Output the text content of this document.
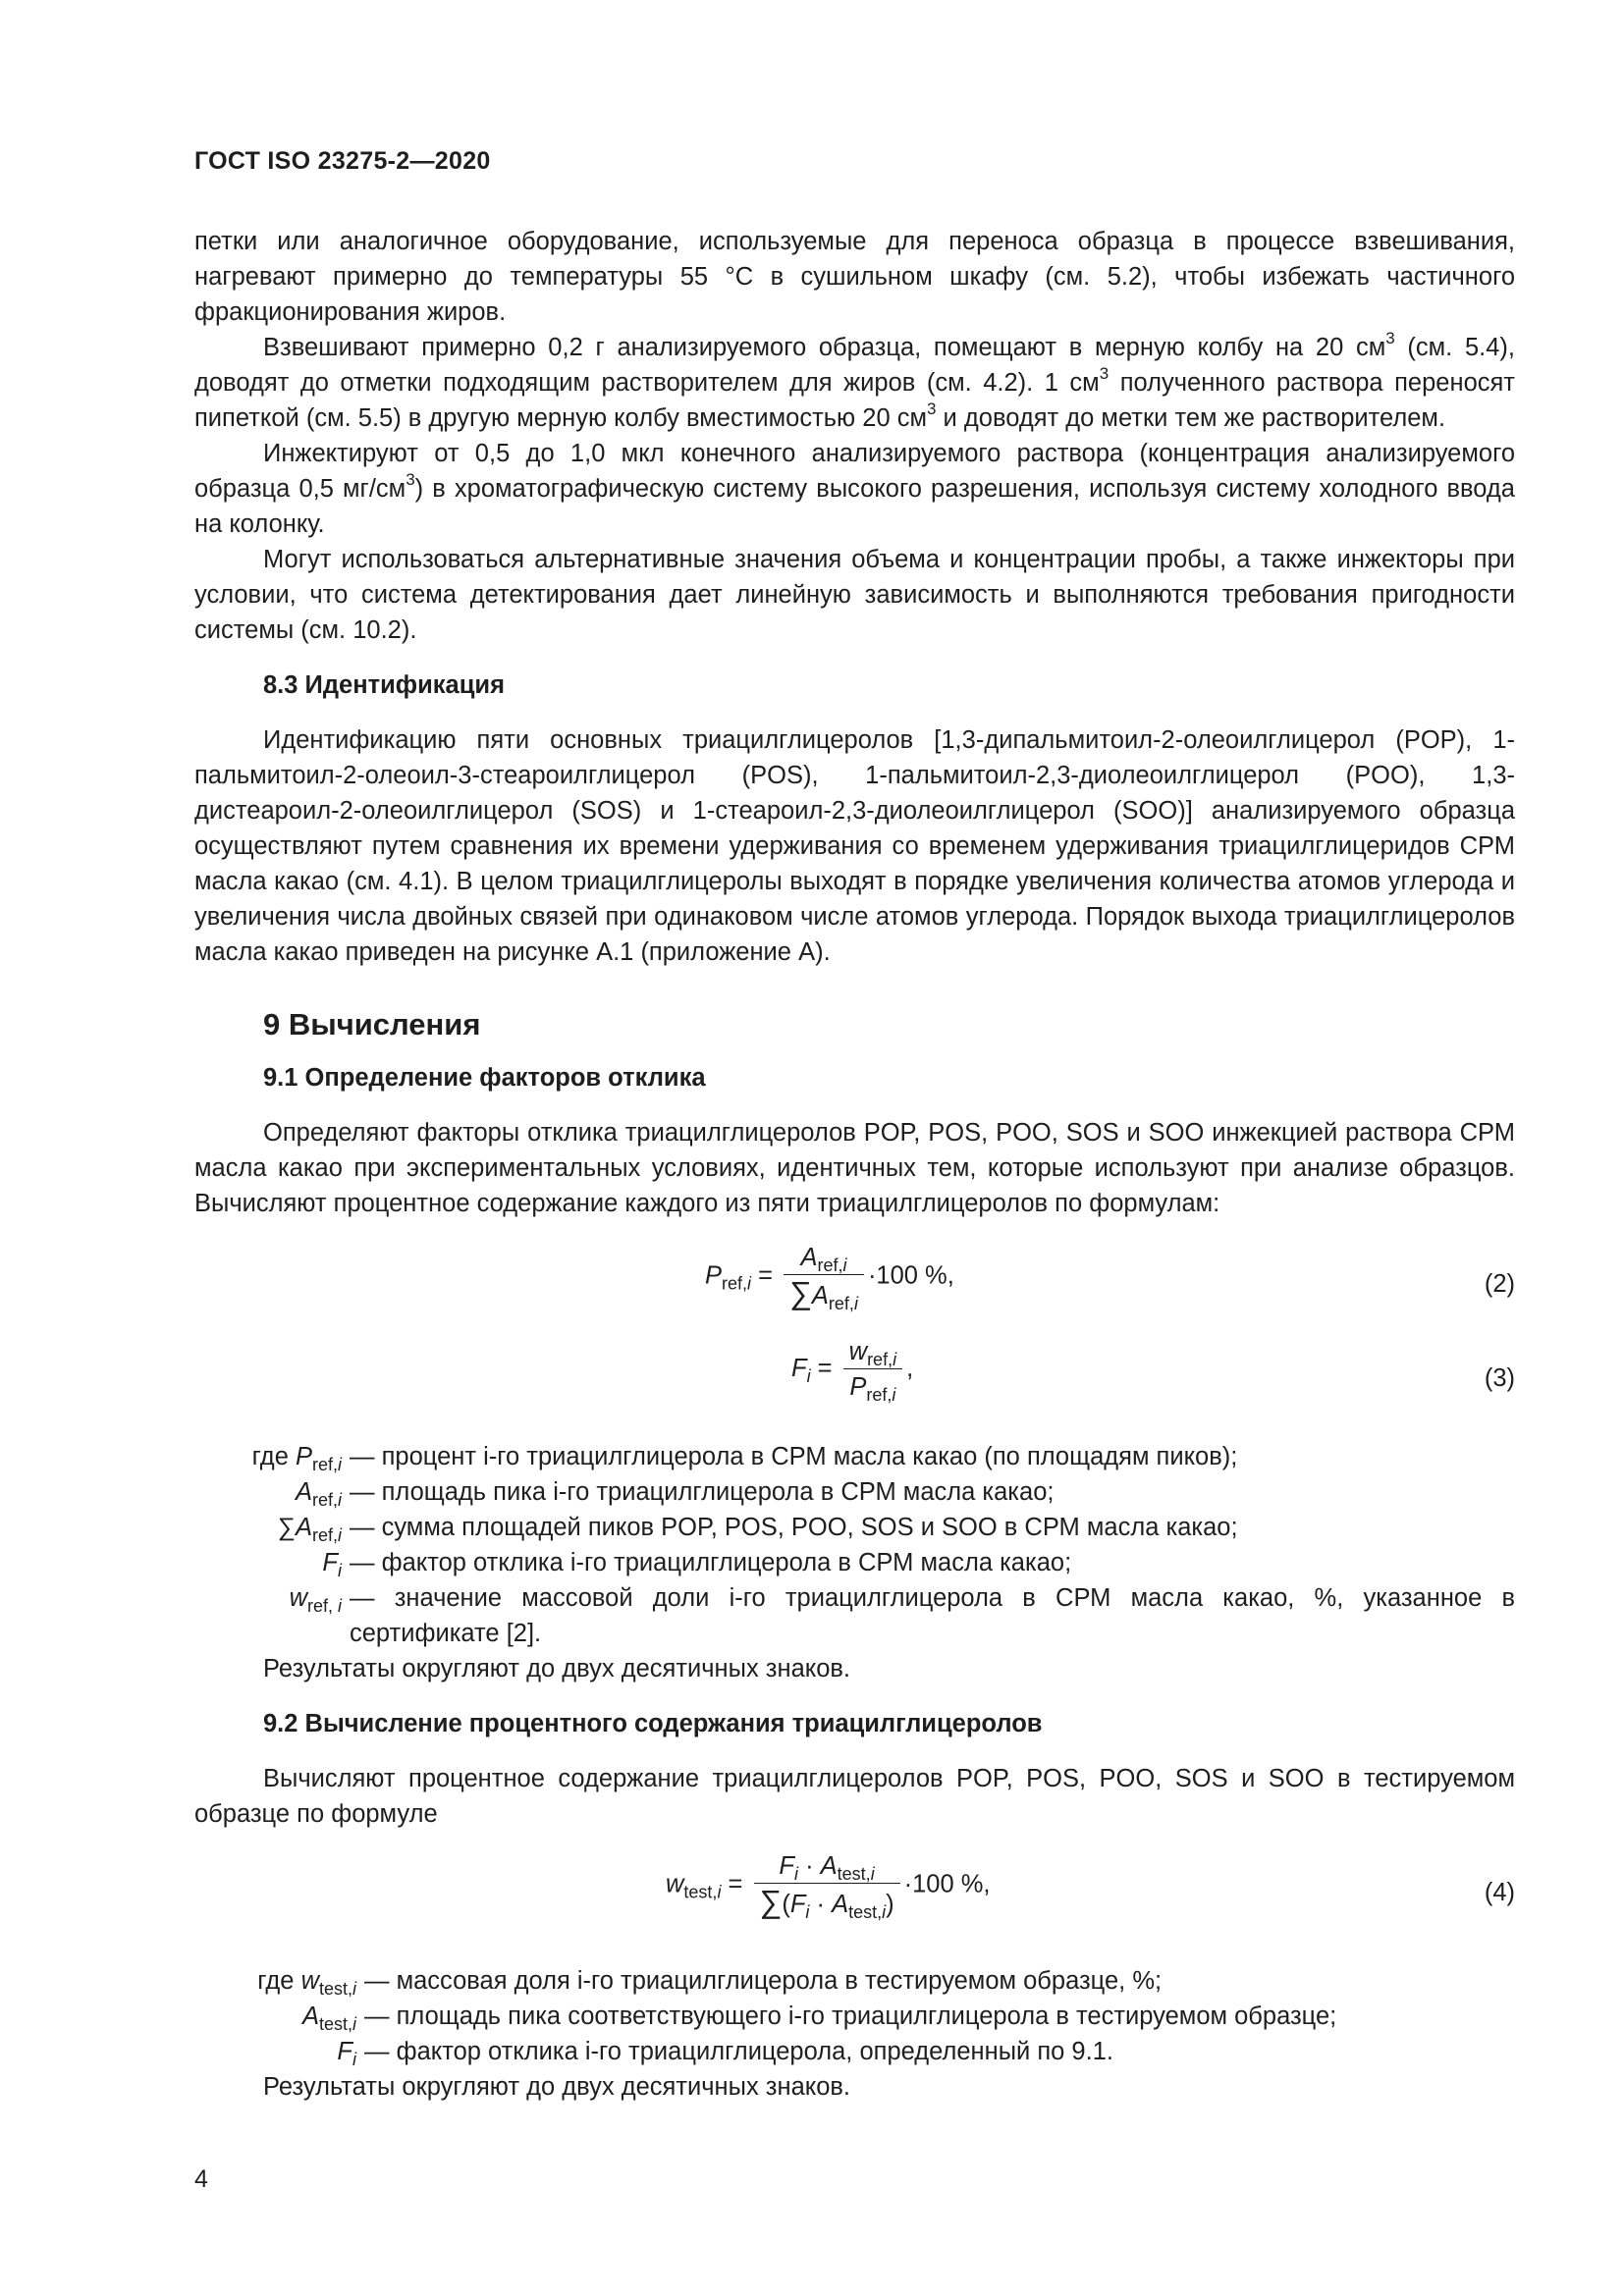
ГОСТ ISO 23275-2—2020

петки или аналогичное оборудование, используемые для переноса образца в процессе взвешивания, нагревают примерно до температуры 55 °С в сушильном шкафу (см. 5.2), чтобы избежать частичного фракционирования жиров.

Взвешивают примерно 0,2 г анализируемого образца, помещают в мерную колбу на 20 $см^3$ (см. 5.4), доводят до отметки подходящим растворителем для жиров (см. 4.2). 1 $см^3$ полученного раствора переносят пипеткой (см. 5.5) в другую мерную колбу вместимостью 20 $см^3$ и доводят до метки тем же растворителем.

Инжектируют от 0,5 до 1,0 мкл конечного анализируемого раствора (концентрация анализируемого образца 0,5 $мг/см^3$) в хроматографическую систему высокого разрешения, используя систему холодного ввода на колонку.

Могут использоваться альтернативные значения объема и концентрации пробы, а также инжекторы при условии, что система детектирования дает линейную зависимость и выполняются требования пригодности системы (см. 10.2).

8.3 Идентификация

Идентификацию пяти основных триацилглицеролов [1,3-дипальмитоил-2-олеоилглицерол (POP), 1-пальмитоил-2-олеоил-3-стеароилглицерол (POS), 1-пальмитоил-2,3-диолеоилглицерол (POO), 1,3-дистеароил-2-олеоилглицерол (SOS) и 1-стеароил-2,3-диолеоилглицерол (SOO)] анализируемого образца осуществляют путем сравнения их времени удерживания со временем удерживания триацилглицеридов СРМ масла какао (см. 4.1). В целом триацилглицеролы выходят в порядке увеличения количества атомов углерода и увеличения числа двойных связей при одинаковом числе атомов углерода. Порядок выхода триацилглицеролов масла какао приведен на рисунке А.1 (приложение А).

9 Вычисления
9.1 Определение факторов отклика

Определяют факторы отклика триацилглицеролов POP, POS, POO, SOS и SOO инжекцией раствора СРМ масла какао при экспериментальных условиях, идентичных тем, которые используют при анализе образцов. Вычисляют процентное содержание каждого из пяти триацилглицеролов по формулам:

$P_{ref,i} = \frac{A_{ref,i}}{\sum A_{ref,i}} \cdot 100$ %,	(2)
$F_i = \frac{w_{ref,i}}{P_{ref,i}}$ ,	(3)
где $P_{ref,i}$ — процент i-го триацилглицерола в СРМ масла какао (по площадям пиков);
$A_{ref,i}$ — площадь пика i-го триацилглицерола в СРМ масла какао;
$\sum A_{ref,i}$ — сумма площадей пиков POP, POS, POO, SOS и SOO в СРМ масла какао;
$F_i$ — фактор отклика i-го триацилглицерола в СРМ масла какао;
$w_{ref, i}$ — значение массовой доли i-го триацилглицерола в СРМ масла какао, %, указанное в сертификате [2].

Результаты округляют до двух десятичных знаков.

9.2 Вычисление процентного содержания триацилглицеролов

Вычисляют процентное содержание триацилглицеролов POP, POS, POO, SOS и SOO в тестируемом образце по формуле

$w_{test,i} = \frac{F_i \cdot A_{test,i}}{\sum(F_i \cdot A_{test,i})} \cdot 100$ %,	(4)
где $w_{test,i}$ — массовая доля i-го триацилглицерола в тестируемом образце, %;
$A_{test,i}$ — площадь пика соответствующего i-го триацилглицерола в тестируемом образце;
$F_i$ — фактор отклика i-го триацилглицерола, определенный по 9.1.

Результаты округляют до двух десятичных знаков.

4
